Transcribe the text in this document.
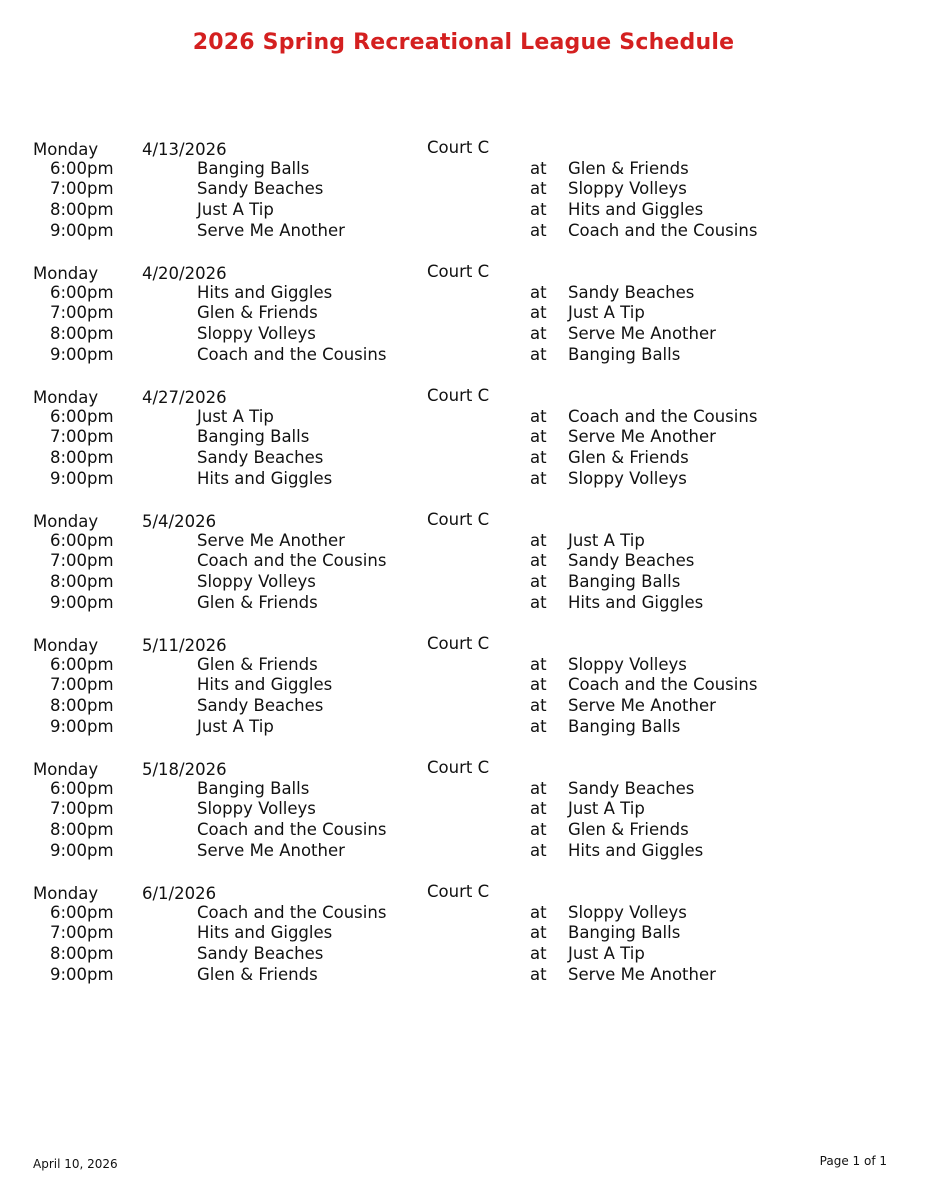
2026 Spring Recreational League Schedule
Monday	4/13/2026	Court C
6:00pm	Banging Balls	at Glen & Friends
7:00pm	Sandy Beaches	at Sloppy Volleys
8:00pm	Just A Tip	at Hits and Giggles
9:00pm	Serve Me Another	at Coach and the Cousins
Monday	4/20/2026	Court C
6:00pm	Hits and Giggles	at Sandy Beaches
7:00pm	Glen & Friends	at Just A Tip
8:00pm	Sloppy Volleys	at Serve Me Another
9:00pm	Coach and the Cousins	at Banging Balls
Monday	4/27/2026	Court C
6:00pm	Just A Tip	at Coach and the Cousins
7:00pm	Banging Balls	at Serve Me Another
8:00pm	Sandy Beaches	at Glen & Friends
9:00pm	Hits and Giggles	at Sloppy Volleys
Monday	5/4/2026	Court C
6:00pm	Serve Me Another	at Just A Tip
7:00pm	Coach and the Cousins	at Sandy Beaches
8:00pm	Sloppy Volleys	at Banging Balls
9:00pm	Glen & Friends	at Hits and Giggles
Monday	5/11/2026	Court C
6:00pm	Glen & Friends	at Sloppy Volleys
7:00pm	Hits and Giggles	at Coach and the Cousins
8:00pm	Sandy Beaches	at Serve Me Another
9:00pm	Just A Tip	at Banging Balls
Monday	5/18/2026	Court C
6:00pm	Banging Balls	at Sandy Beaches
7:00pm	Sloppy Volleys	at Just A Tip
8:00pm	Coach and the Cousins	at Glen & Friends
9:00pm	Serve Me Another	at Hits and Giggles
Monday	6/1/2026	Court C
6:00pm	Coach and the Cousins	at Sloppy Volleys
7:00pm	Hits and Giggles	at Banging Balls
8:00pm	Sandy Beaches	at Just A Tip
9:00pm	Glen & Friends	at Serve Me Another
April 10, 2026	Page 1 of 1
